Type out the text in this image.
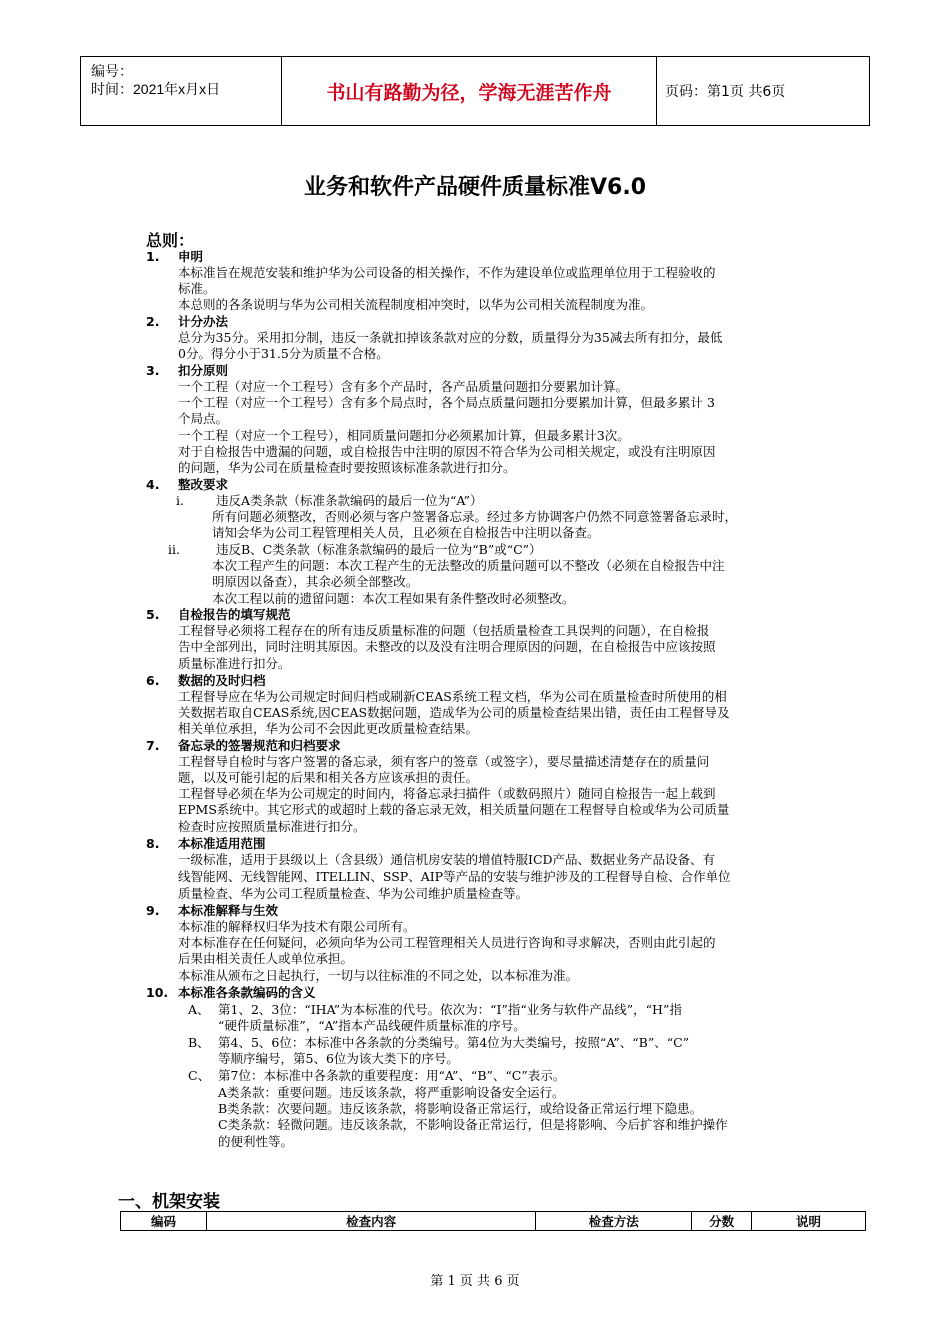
编号：
时间：2021年x月x日	书山有路勤为径，学海无涯苦作舟	页码：第1页 共6页
业务和软件产品硬件质量标准V6.0
总则：
1. 申明
本标准旨在规范安装和维护华为公司设备的相关操作，不作为建设单位或监理单位用于工程验收的
标准。
本总则的各条说明与华为公司相关流程制度相冲突时，以华为公司相关流程制度为准。
2. 计分办法
总分为35分。采用扣分制，违反一条就扣掉该条款对应的分数，质量得分为35减去所有扣分，最低
0分。得分小于31.5分为质量不合格。
3. 扣分原则
一个工程（对应一个工程号）含有多个产品时，各产品质量问题扣分要累加计算。
一个工程（对应一个工程号）含有多个局点时，各个局点质量问题扣分要累加计算，但最多累计 3
个局点。
一个工程（对应一个工程号），相同质量问题扣分必须累加计算，但最多累计3次。
对于自检报告中遗漏的问题，或自检报告中注明的原因不符合华为公司相关规定，或没有注明原因
的问题，华为公司在质量检查时要按照该标准条款进行扣分。
4. 整改要求
5. 自检报告的填写规范
工程督导必须将工程存在的所有违反质量标准的问题（包括质量检查工具误判的问题），在自检报
告中全部列出，同时注明其原因。未整改的以及没有注明合理原因的问题，在自检报告中应该按照
质量标准进行扣分。
6. 数据的及时归档
工程督导应在华为公司规定时间归档或刷新CEAS系统工程文档，华为公司在质量检查时所使用的相
关数据若取自CEAS系统,因CEAS数据问题，造成华为公司的质量检查结果出错，责任由工程督导及
相关单位承担，华为公司不会因此更改质量检查结果。
7. 备忘录的签署规范和归档要求
工程督导自检时与客户签署的备忘录，须有客户的签章（或签字），要尽量描述清楚存在的质量问
题，以及可能引起的后果和相关各方应该承担的责任。
工程督导必须在华为公司规定的时间内，将备忘录扫描件（或数码照片）随同自检报告一起上载到
EPMS系统中。其它形式的或超时上载的备忘录无效，相关质量问题在工程督导自检或华为公司质量
检查时应按照质量标准进行扣分。
8. 本标准适用范围
一级标准，适用于县级以上（含县级）通信机房安装的增值特服ICD产品、数据业务产品设备、有
线智能网、无线智能网、ITELLIN、SSP、AIP等产品的安装与维护涉及的工程督导自检、合作单位
质量检查、华为公司工程质量检查、华为公司维护质量检查等。
9. 本标准解释与生效
本标准的解释权归华为技术有限公司所有。
对本标准存在任何疑问，必须向华为公司工程管理相关人员进行咨询和寻求解决，否则由此引起的
后果由相关责任人或单位承担。
本标准从颁布之日起执行，一切与以往标准的不同之处，以本标准为准。
10. 本标准各条款编码的含义
i.	违反A类条款（标准条款编码的最后一位为“A”）
所有问题必须整改，否则必须与客户签署备忘录。经过多方协调客户仍然不同意签署备忘录时，
请知会华为公司工程管理相关人员，且必须在自检报告中注明以备查。
ii.	违反B、C类条款（标准条款编码的最后一位为“B”或“C”）
本次工程产生的问题：本次工程产生的无法整改的质量问题可以不整改（必须在自检报告中注
明原因以备查），其余必须全部整改。
本次工程以前的遗留问题：本次工程如果有条件整改时必须整改。
A、 第1、2、3位：“IHA”为本标准的代号。依次为：“I”指“业务与软件产品线”，“H”指
“硬件质量标准”，“A”指本产品线硬件质量标准的序号。
B、 第4、5、6位：本标准中各条款的分类编号。第4位为大类编号，按照“A”、“B”、“C”
等顺序编号，第5、6位为该大类下的序号。
C、 第7位：本标准中各条款的重要程度：用“A”、“B”、“C”表示。
A类条款：重要问题。违反该条款，将严重影响设备安全运行。
B类条款：次要问题。违反该条款，将影响设备正常运行，或给设备正常运行埋下隐患。
C类条款：轻微问题。违反该条款，不影响设备正常运行，但是将影响、今后扩容和维护操作
的便利性等。
一、机架安装
编码	检查内容	检查方法	分数	说明
第 1 页 共 6 页
